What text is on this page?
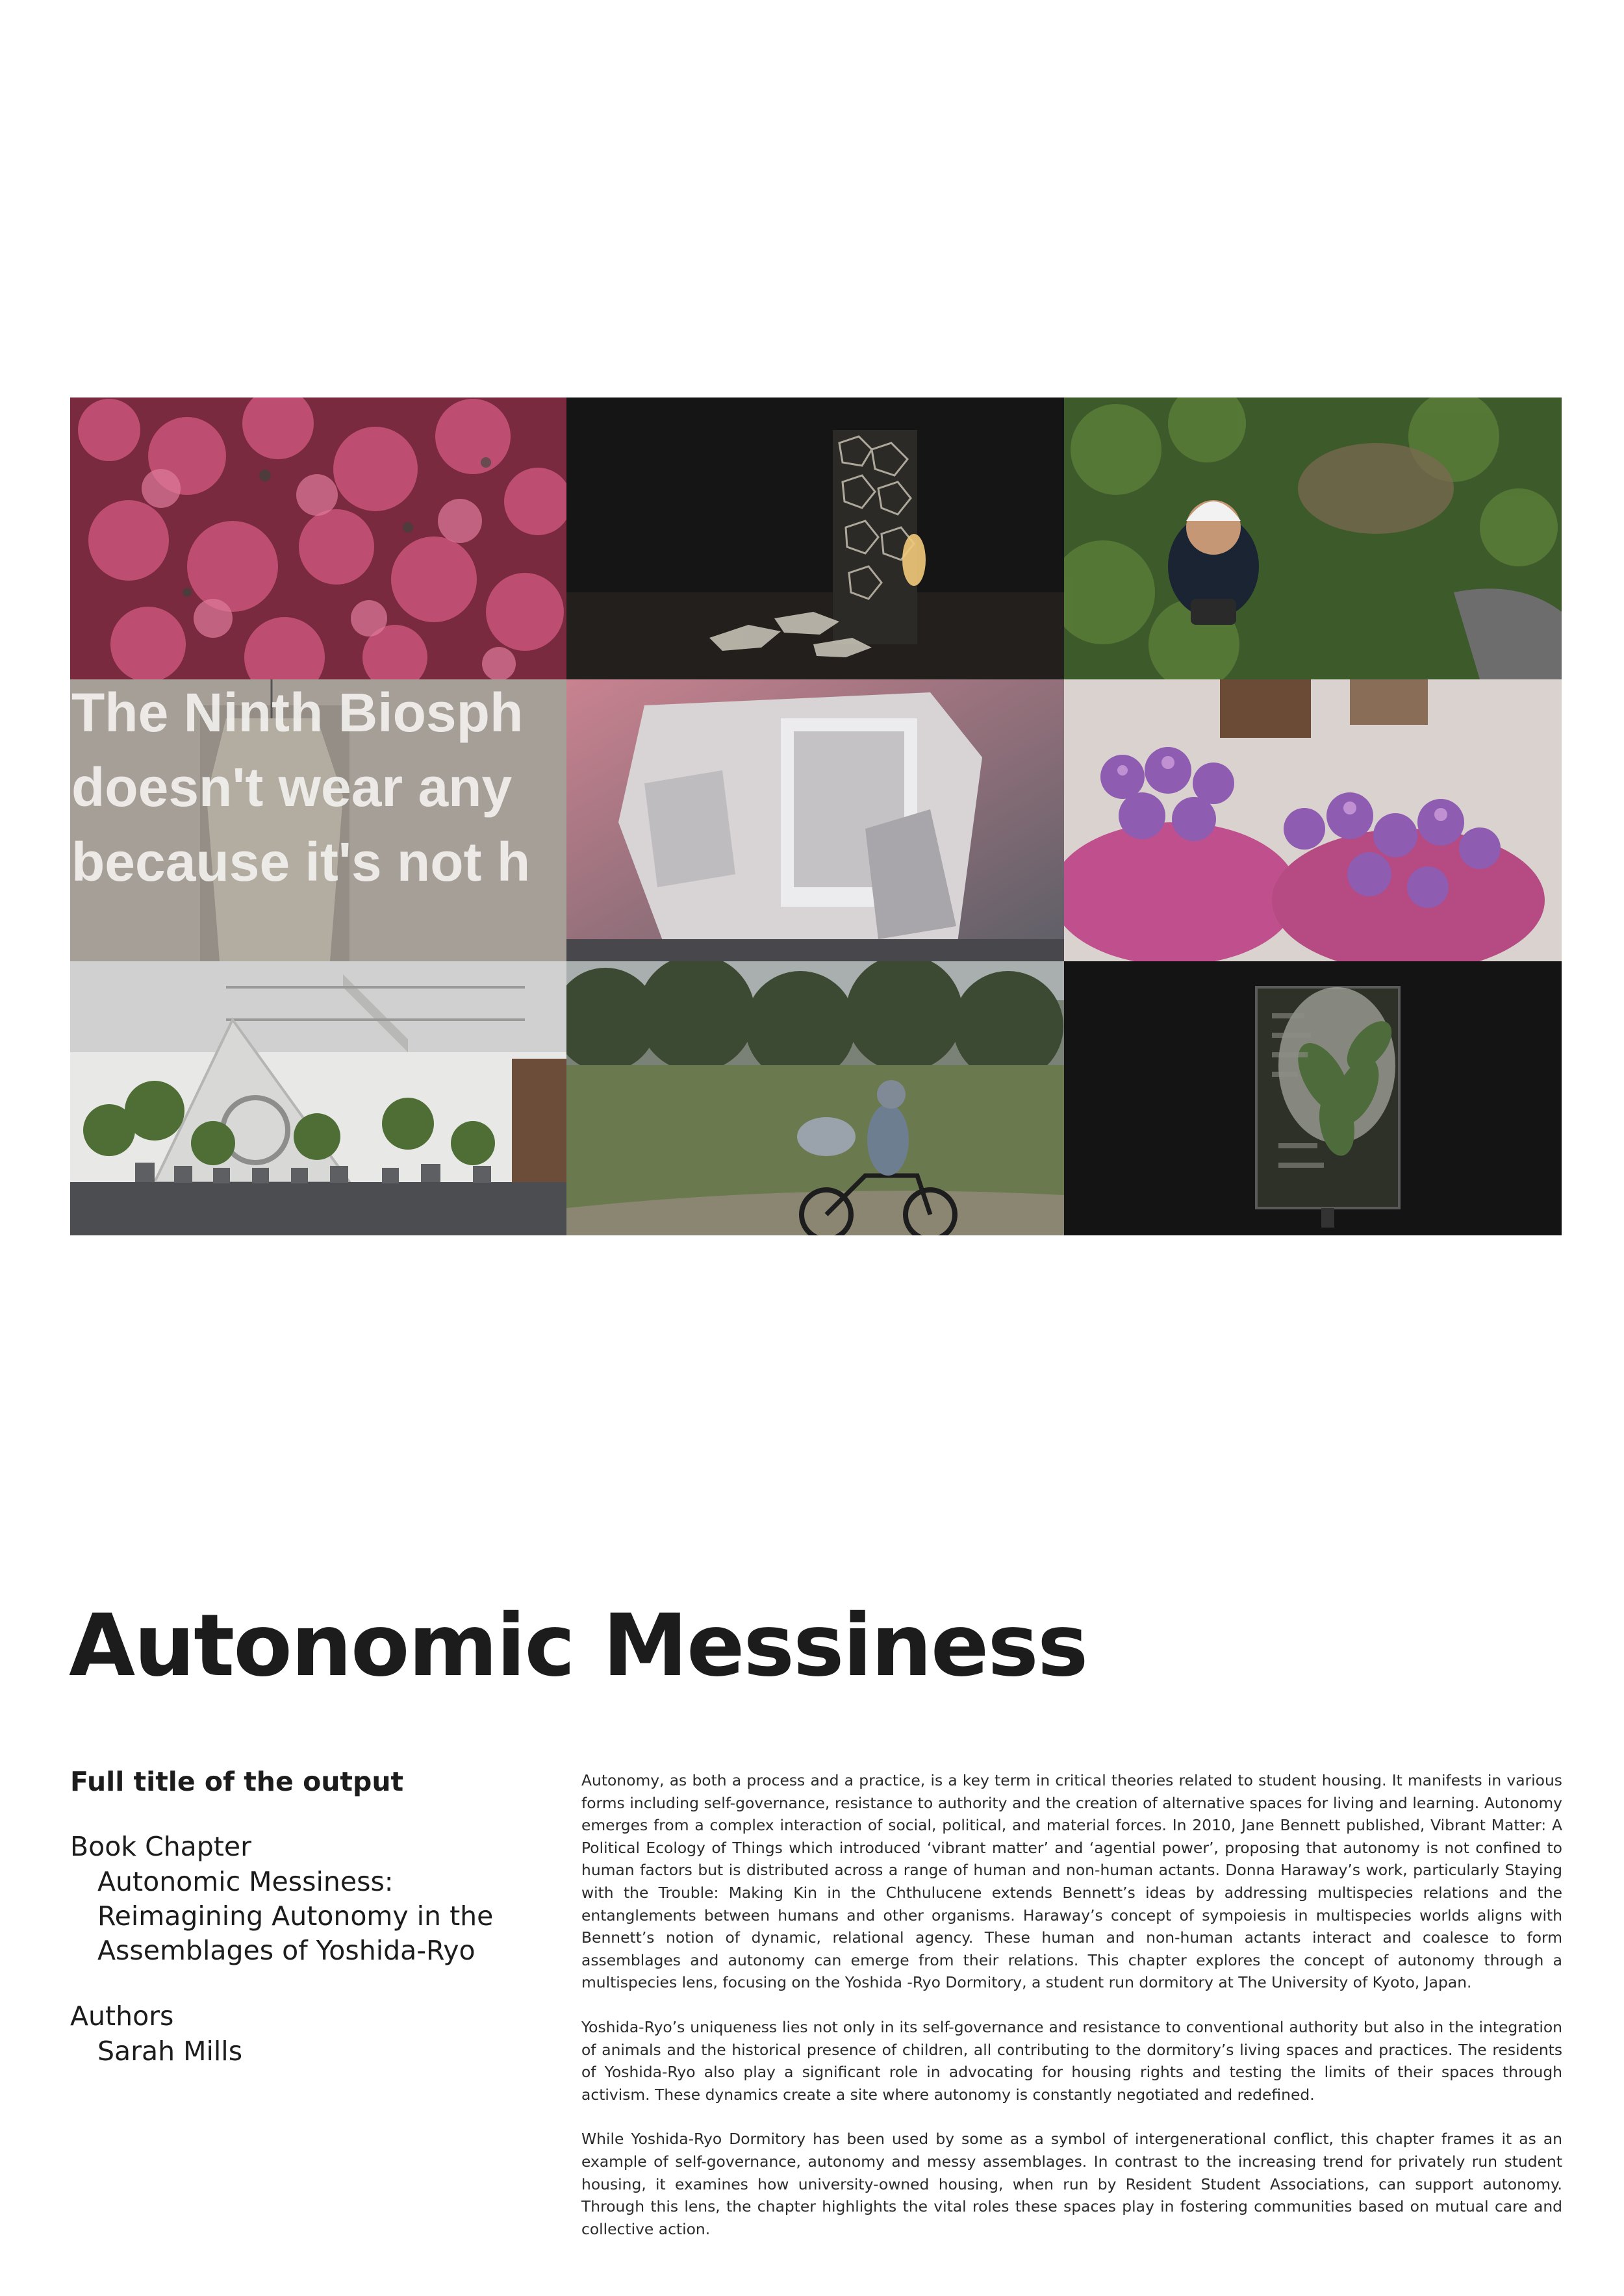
The Ninth Biosph
doesn't wear any
because it's not h
Autonomic Messiness

Full title of the output

Book Chapter

Autonomic Messiness:

Reimagining Autonomy in the

Assemblages of Yoshida-Ryo

Authors

Sarah Mills

Autonomy, as both a process and a practice, is a key term in critical theories related to student housing. It manifests in various forms including self-governance, resistance to authority and the creation of alternative spaces for living and learning. Autonomy emerges from a complex interaction of social, political, and material forces. In 2010, Jane Bennett published, Vibrant Matter: A Political Ecology of Things which introduced ‘vibrant matter’ and ‘agential power’, proposing that autonomy is not confined to human factors but is distributed across a range of human and non-human actants. Donna Haraway’s work, particularly Staying with the Trouble: Making Kin in the Chthulucene extends Bennett’s ideas by addressing multispecies relations and the entanglements between humans and other organisms. Haraway’s concept of sympoiesis in multispecies worlds aligns with Bennett’s notion of dynamic, relational agency. These human and non-human actants interact and coalesce to form assemblages and autonomy can emerge from their relations. This chapter explores the concept of autonomy through a multispecies lens, focusing on the Yoshida -Ryo Dormitory, a student run dormitory at The University of Kyoto, Japan.

Yoshida-Ryo’s uniqueness lies not only in its self-governance and resistance to conventional authority but also in the integration of animals and the historical presence of children, all contributing to the dormitory’s living spaces and practices. The residents of Yoshida-Ryo also play a significant role in advocating for housing rights and testing the limits of their spaces through activism. These dynamics create a site where autonomy is constantly negotiated and redefined.

While Yoshida-Ryo Dormitory has been used by some as a symbol of intergenerational conflict, this chapter frames it as an example of self-governance, autonomy and messy assemblages. In contrast to the increasing trend for privately run student housing, it examines how university-owned housing, when run by Resident Student Associations, can support autonomy. Through this lens, the chapter highlights the vital roles these spaces play in fostering communities based on mutual care and collective action.
